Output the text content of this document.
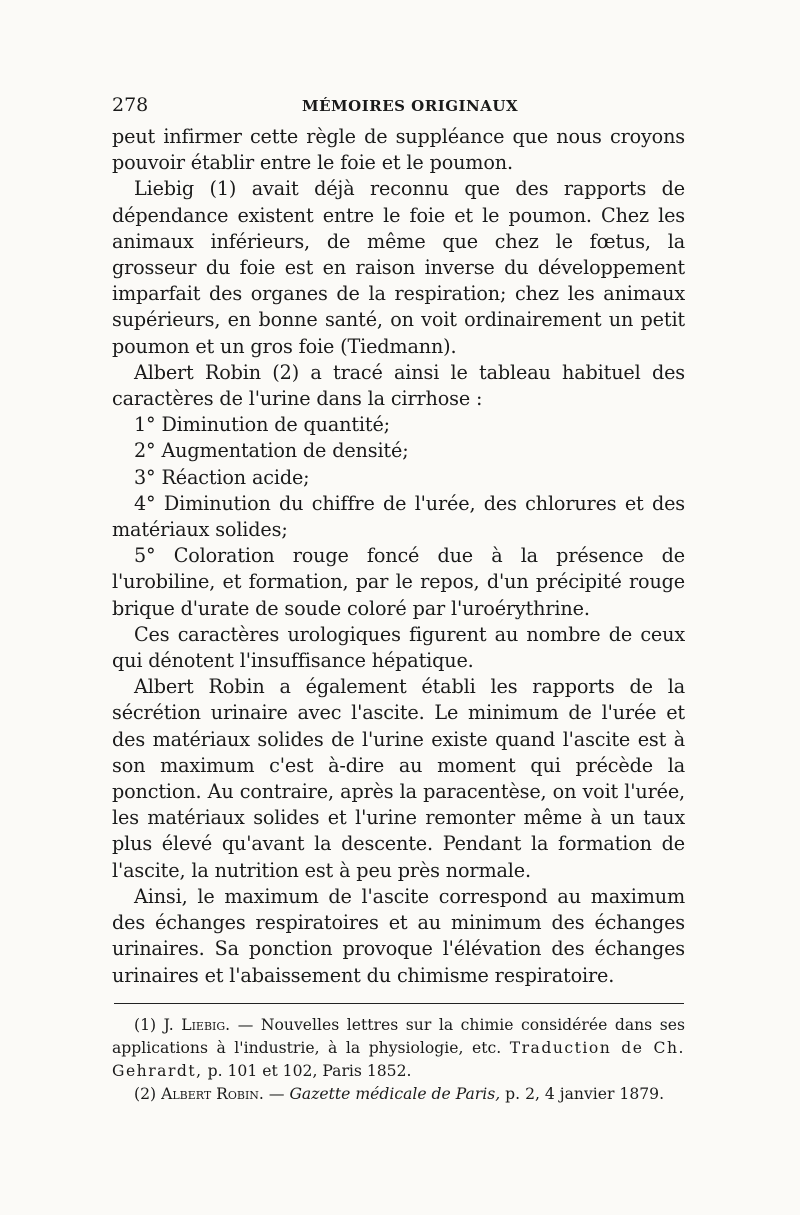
278	MÉMOIRES ORIGINAUX

peut infirmer cette règle de suppléance que nous croyons pouvoir établir entre le foie et le poumon.

Liebig (1) avait déjà reconnu que des rapports de dépendance existent entre le foie et le poumon. Chez les animaux inférieurs, de même que chez le fœtus, la grosseur du foie est en raison inverse du développement imparfait des organes de la respiration; chez les animaux supérieurs, en bonne santé, on voit ordinairement un petit poumon et un gros foie (Tiedmann).

Albert Robin (2) a tracé ainsi le tableau habituel des caractères de l'urine dans la cirrhose :

1° Diminution de quantité;

2° Augmentation de densité;

3° Réaction acide;

4° Diminution du chiffre de l'urée, des chlorures et des matériaux solides;

5° Coloration rouge foncé due à la présence de l'urobiline, et formation, par le repos, d'un précipité rouge brique d'urate de soude coloré par l'uroérythrine.

Ces caractères urologiques figurent au nombre de ceux qui dénotent l'insuffisance hépatique.

Albert Robin a également établi les rapports de la sécrétion urinaire avec l'ascite. Le minimum de l'urée et des matériaux solides de l'urine existe quand l'ascite est à son maximum c'est à-dire au moment qui précède la ponction. Au contraire, après la paracentèse, on voit l'urée, les matériaux solides et l'urine remonter même à un taux plus élevé qu'avant la descente. Pendant la formation de l'ascite, la nutrition est à peu près normale.

Ainsi, le maximum de l'ascite correspond au maximum des échanges respiratoires et au minimum des échanges urinaires. Sa ponction provoque l'élévation des échanges urinaires et l'abaissement du chimisme respiratoire.

(1) J. Liebig. — Nouvelles lettres sur la chimie considérée dans ses applications à l'industrie, à la physiologie, etc. Traduction de Ch. Gehrardt, p. 101 et 102, Paris 1852.

(2) Albert Robin. — Gazette médicale de Paris, p. 2, 4 janvier 1879.
